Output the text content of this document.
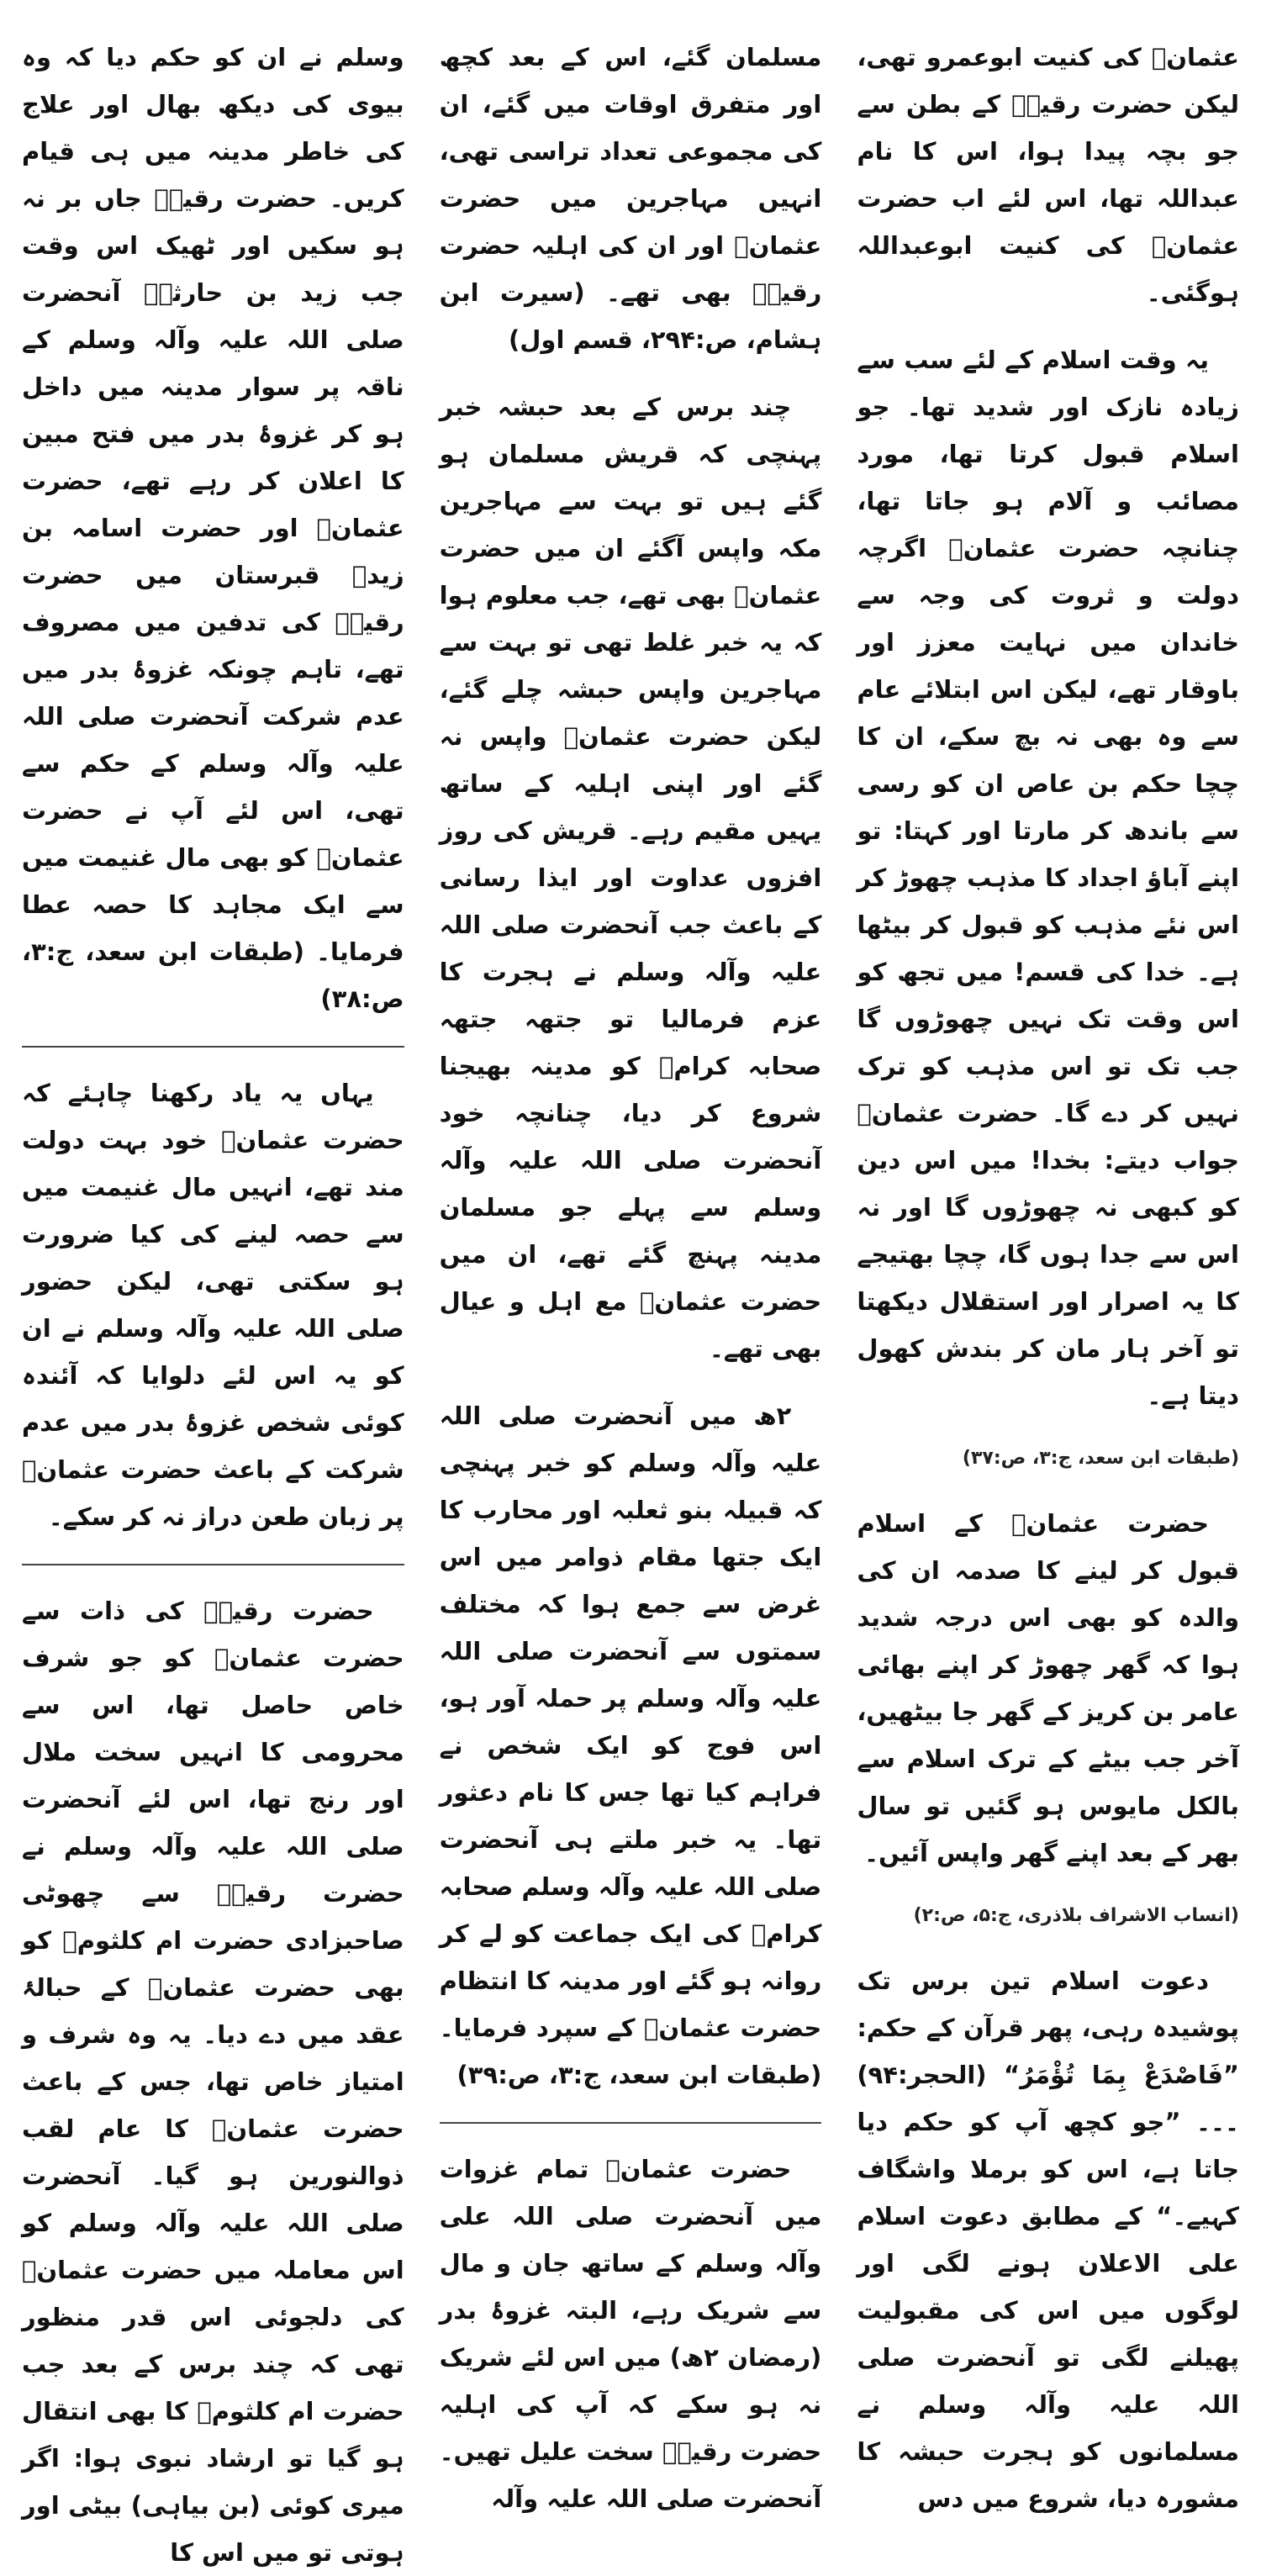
عثمانؓ کی کنیت ابوعمرو تھی، لیکن حضرت رقیہؓ کے بطن سے جو بچہ پیدا ہوا، اس کا نام عبداللہ تھا، اس لئے اب حضرت عثمانؓ کی کنیت ابوعبداللہ ہوگئی۔

یہ وقت اسلام کے لئے سب سے زیادہ نازک اور شدید تھا۔ جو اسلام قبول کرتا تھا، مورد مصائب و آلام ہو جاتا تھا، چنانچہ حضرت عثمانؓ اگرچہ دولت و ثروت کی وجہ سے خاندان میں نہایت معزز اور باوقار تھے، لیکن اس ابتلائے عام سے وہ بھی نہ بچ سکے، ان کا چچا حکم بن عاص ان کو رسی سے باندھ کر مارتا اور کہتا: تو اپنے آباؤ اجداد کا مذہب چھوڑ کر اس نئے مذہب کو قبول کر بیٹھا ہے۔ خدا کی قسم! میں تجھ کو اس وقت تک نہیں چھوڑوں گا جب تک تو اس مذہب کو ترک نہیں کر دے گا۔ حضرت عثمانؓ جواب دیتے: بخدا! میں اس دین کو کبھی نہ چھوڑوں گا اور نہ اس سے جدا ہوں گا، چچا بھتیجے کا یہ اصرار اور استقلال دیکھتا تو آخر ہار مان کر بندش کھول دیتا ہے۔

(طبقات ابن سعد، ج:۳، ص:۳۷)

حضرت عثمانؓ کے اسلام قبول کر لینے کا صدمہ ان کی والدہ کو بھی اس درجہ شدید ہوا کہ گھر چھوڑ کر اپنے بھائی عامر بن کریز کے گھر جا بیٹھیں، آخر جب بیٹے کے ترک اسلام سے بالکل مایوس ہو گئیں تو سال بھر کے بعد اپنے گھر واپس آئیں۔

(انساب الاشراف بلاذری، ج:۵، ص:۲)

دعوت اسلام تین برس تک پوشیدہ رہی، پھر قرآن کے حکم: ”فَاصْدَعْ بِمَا تُؤْمَرُ“ (الحجر:۹۴) ۔۔۔ ”جو کچھ آپ کو حکم دیا جاتا ہے، اس کو برملا واشگاف کہیے۔“ کے مطابق دعوت اسلام علی الاعلان ہونے لگی اور لوگوں میں اس کی مقبولیت پھیلنے لگی تو آنحضرت صلی اللہ علیہ وآلہ وسلم نے مسلمانوں کو ہجرت حبشہ کا مشورہ دیا، شروع میں دس

مسلمان گئے، اس کے بعد کچھ اور متفرق اوقات میں گئے، ان کی مجموعی تعداد تراسی تھی، انہیں مہاجرین میں حضرت عثمانؓ اور ان کی اہلیہ حضرت رقیہؓ بھی تھے۔ (سیرت ابن ہشام، ص:۲۹۴، قسم اول)

چند برس کے بعد حبشہ خبر پہنچی کہ قریش مسلمان ہو گئے ہیں تو بہت سے مہاجرین مکہ واپس آگئے ان میں حضرت عثمانؓ بھی تھے، جب معلوم ہوا کہ یہ خبر غلط تھی تو بہت سے مہاجرین واپس حبشہ چلے گئے، لیکن حضرت عثمانؓ واپس نہ گئے اور اپنی اہلیہ کے ساتھ یہیں مقیم رہے۔ قریش کی روز افزوں عداوت اور ایذا رسانی کے باعث جب آنحضرت صلی اللہ علیہ وآلہ وسلم نے ہجرت کا عزم فرمالیا تو جتھہ جتھہ صحابہ کرامؓ کو مدینہ بھیجنا شروع کر دیا، چنانچہ خود آنحضرت صلی اللہ علیہ وآلہ وسلم سے پہلے جو مسلمان مدینہ پہنچ گئے تھے، ان میں حضرت عثمانؓ مع اہل و عیال بھی تھے۔

۲ھ میں آنحضرت صلی اللہ علیہ وآلہ وسلم کو خبر پہنچی کہ قبیلہ بنو ثعلبہ اور محارب کا ایک جتھا مقام ذوامر میں اس غرض سے جمع ہوا کہ مختلف سمتوں سے آنحضرت صلی اللہ علیہ وآلہ وسلم پر حملہ آور ہو، اس فوج کو ایک شخص نے فراہم کیا تھا جس کا نام دعثور تھا۔ یہ خبر ملتے ہی آنحضرت صلی اللہ علیہ وآلہ وسلم صحابہ کرامؓ کی ایک جماعت کو لے کر روانہ ہو گئے اور مدینہ کا انتظام حضرت عثمانؓ کے سپرد فرمایا۔ (طبقات ابن سعد، ج:۳، ص:۳۹)

حضرت عثمانؓ تمام غزوات میں آنحضرت صلی اللہ علی وآلہ وسلم کے ساتھ جان و مال سے شریک رہے، البتہ غزوۂ بدر (رمضان ۲ھ) میں اس لئے شریک نہ ہو سکے کہ آپ کی اہلیہ حضرت رقیہؓ سخت علیل تھیں۔ آنحضرت صلی اللہ علیہ وآلہ

وسلم نے ان کو حکم دیا کہ وہ بیوی کی دیکھ بھال اور علاج کی خاطر مدینہ میں ہی قیام کریں۔ حضرت رقیہؓ جاں بر نہ ہو سکیں اور ٹھیک اس وقت جب زید بن حارثہؓ آنحضرت صلی اللہ علیہ وآلہ وسلم کے ناقہ پر سوار مدینہ میں داخل ہو کر غزوۂ بدر میں فتح مبین کا اعلان کر رہے تھے، حضرت عثمانؓ اور حضرت اسامہ بن زیدؓ قبرستان میں حضرت رقیہؓ کی تدفین میں مصروف تھے، تاہم چونکہ غزوۂ بدر میں عدم شرکت آنحضرت صلی اللہ علیہ وآلہ وسلم کے حکم سے تھی، اس لئے آپ نے حضرت عثمانؓ کو بھی مال غنیمت میں سے ایک مجاہد کا حصہ عطا فرمایا۔ (طبقات ابن سعد، ج:۳، ص:۳۸)

یہاں یہ یاد رکھنا چاہئے کہ حضرت عثمانؓ خود بہت دولت مند تھے، انہیں مال غنیمت میں سے حصہ لینے کی کیا ضرورت ہو سکتی تھی، لیکن حضور صلی اللہ علیہ وآلہ وسلم نے ان کو یہ اس لئے دلوایا کہ آئندہ کوئی شخص غزوۂ بدر میں عدم شرکت کے باعث حضرت عثمانؓ پر زبان طعن دراز نہ کر سکے۔

حضرت رقیہؓ کی ذات سے حضرت عثمانؓ کو جو شرف خاص حاصل تھا، اس سے محرومی کا انہیں سخت ملال اور رنج تھا، اس لئے آنحضرت صلی اللہ علیہ وآلہ وسلم نے حضرت رقیہؓ سے چھوٹی صاحبزادی حضرت ام کلثومؓ کو بھی حضرت عثمانؓ کے حبالۂ عقد میں دے دیا۔ یہ وہ شرف و امتیاز خاص تھا، جس کے باعث حضرت عثمانؓ کا عام لقب ذوالنورین ہو گیا۔ آنحضرت صلی اللہ علیہ وآلہ وسلم کو اس معاملہ میں حضرت عثمانؓ کی دلجوئی اس قدر منظور تھی کہ چند برس کے بعد جب حضرت ام کلثومؓ کا بھی انتقال ہو گیا تو ارشاد نبوی ہوا: اگر میری کوئی (بن بیاہی) بیٹی اور ہوتی تو میں اس کا
